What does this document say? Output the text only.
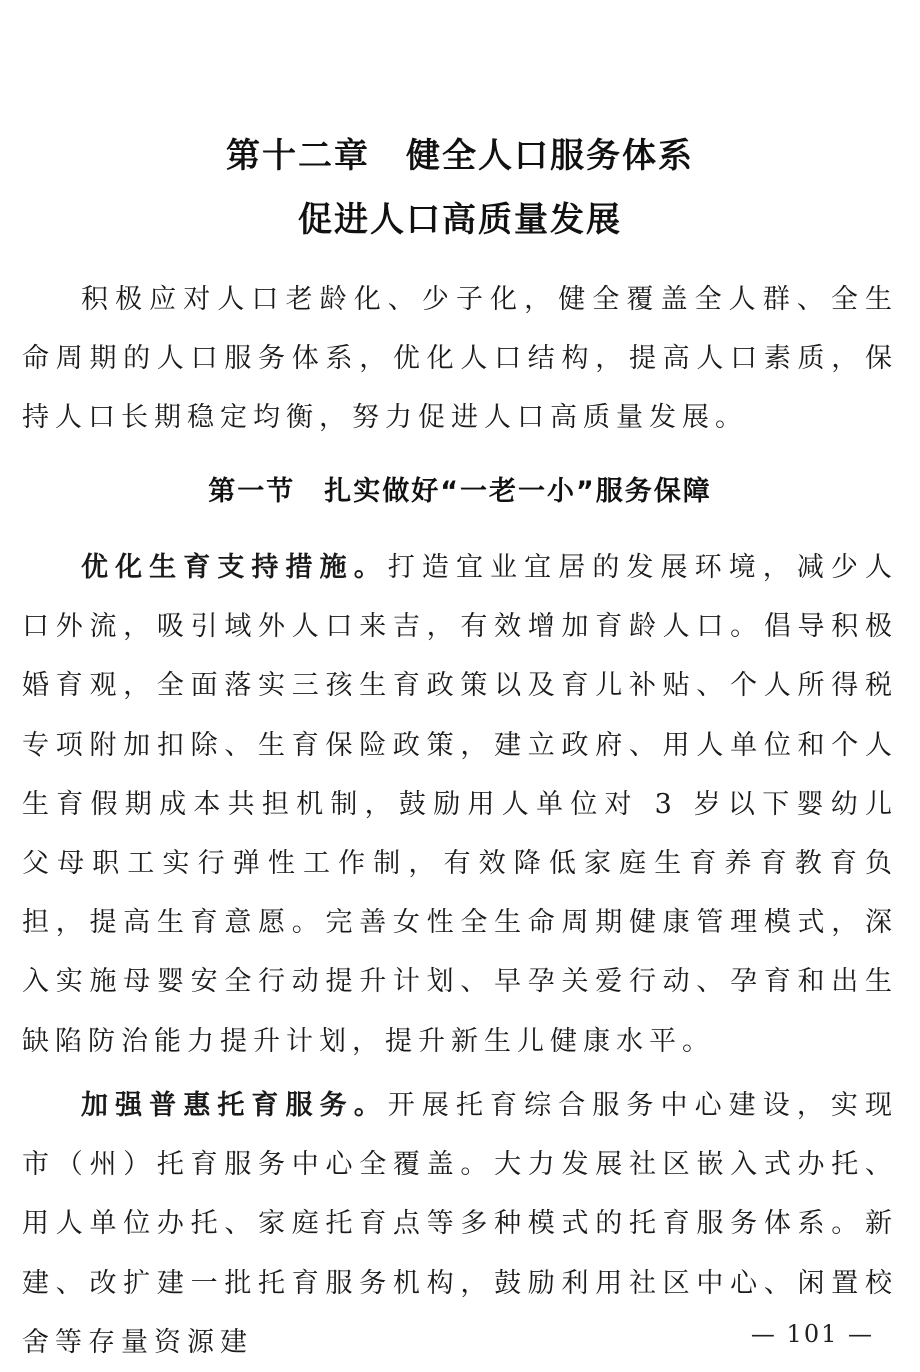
第十二章　健全人口服务体系
促进人口高质量发展

积极应对人口老龄化、少子化，健全覆盖全人群、全生命周期的人口服务体系，优化人口结构，提高人口素质，保持人口长期稳定均衡，努力促进人口高质量发展。

第一节　扎实做好“一老一小”服务保障

优化生育支持措施。打造宜业宜居的发展环境，减少人口外流，吸引域外人口来吉，有效增加育龄人口。倡导积极婚育观，全面落实三孩生育政策以及育儿补贴、个人所得税专项附加扣除、生育保险政策，建立政府、用人单位和个人生育假期成本共担机制，鼓励用人单位对 3 岁以下婴幼儿父母职工实行弹性工作制，有效降低家庭生育养育教育负担，提高生育意愿。完善女性全生命周期健康管理模式，深入实施母婴安全行动提升计划、早孕关爱行动、孕育和出生缺陷防治能力提升计划，提升新生儿健康水平。

加强普惠托育服务。开展托育综合服务中心建设，实现市（州）托育服务中心全覆盖。大力发展社区嵌入式办托、用人单位办托、家庭托育点等多种模式的托育服务体系。新建、改扩建一批托育服务机构，鼓励利用社区中心、闲置校舍等存量资源建	— 101 —
